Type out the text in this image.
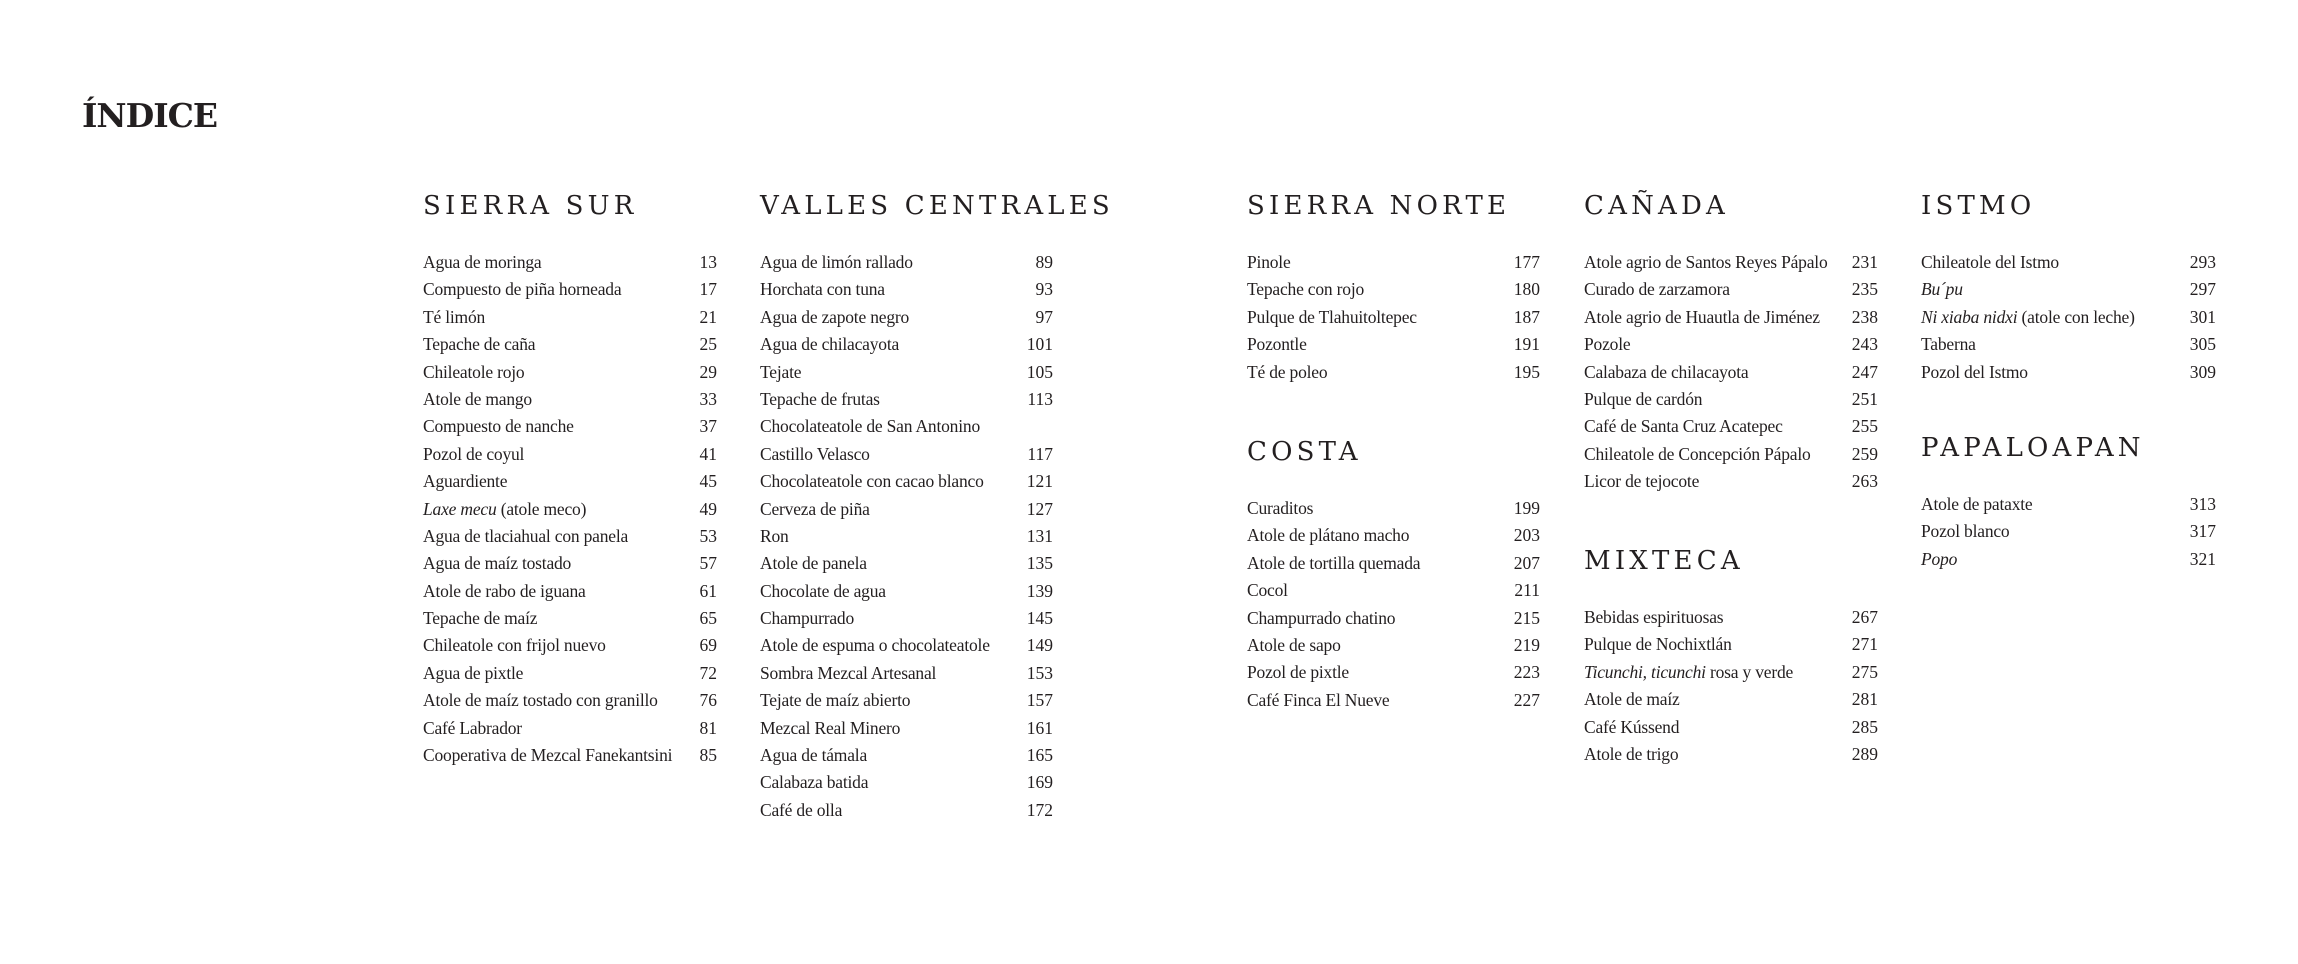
ÍNDICE
SIERRA SUR
Agua de moringa	13
Compuesto de piña horneada	17
Té limón	21
Tepache de caña	25
Chileatole rojo	29
Atole de mango	33
Compuesto de nanche	37
Pozol de coyul	41
Aguardiente	45
Laxe mecu (atole meco)	49
Agua de tlaciahual con panela	53
Agua de maíz tostado	57
Atole de rabo de iguana	61
Tepache de maíz	65
Chileatole con frijol nuevo	69
Agua de pixtle	72
Atole de maíz tostado con granillo 76
Café Labrador	81
Cooperativa de Mezcal Fanekantsini 85
VALLES CENTRALES
Agua de limón rallado	89
Horchata con tuna	93
Agua de zapote negro	97
Agua de chilacayota	101
Tejate	105
Tepache de frutas	113
Chocolateatole de San Antonino
Castillo Velasco	117
Chocolateatole con cacao blanco 121
Cerveza de piña	127
Ron	131
Atole de panela	135
Chocolate de agua	139
Champurrado	145
Atole de espuma o chocolateatole 149
Sombra Mezcal Artesanal	153
Tejate de maíz abierto	157
Mezcal Real Minero	161
Agua de támala	165
Calabaza batida	169
Café de olla	172
SIERRA NORTE
Pinole	177
Tepache con rojo	180
Pulque de Tlahuitoltepec	187
Pozontle	191
Té de poleo	195
COSTA
Curaditos	199
Atole de plátano macho	203
Atole de tortilla quemada	207
Cocol	211
Champurrado chatino	215
Atole de sapo	219
Pozol de pixtle	223
Café Finca El Nueve	227
CAÑADA
Atole agrio de Santos Reyes Pápalo 231
Curado de zarzamora	235
Atole agrio de Huautla de Jiménez 238
Pozole	243
Calabaza de chilacayota	247
Pulque de cardón	251
Café de Santa Cruz Acatepec	255
Chileatole de Concepción Pápalo 259
Licor de tejocote	263
MIXTECA
Bebidas espirituosas	267
Pulque de Nochixtlán	271
Ticunchi, ticunchi rosa y verde	275
Atole de maíz	281
Café Kússend	285
Atole de trigo	289
ISTMO
Chileatole del Istmo	293
Bu´pu	297
Ni xiaba nidxi (atole con leche)	301
Taberna	305
Pozol del Istmo	309
PAPALOAPAN
Atole de pataxte	313
Pozol blanco	317
Popo	321
